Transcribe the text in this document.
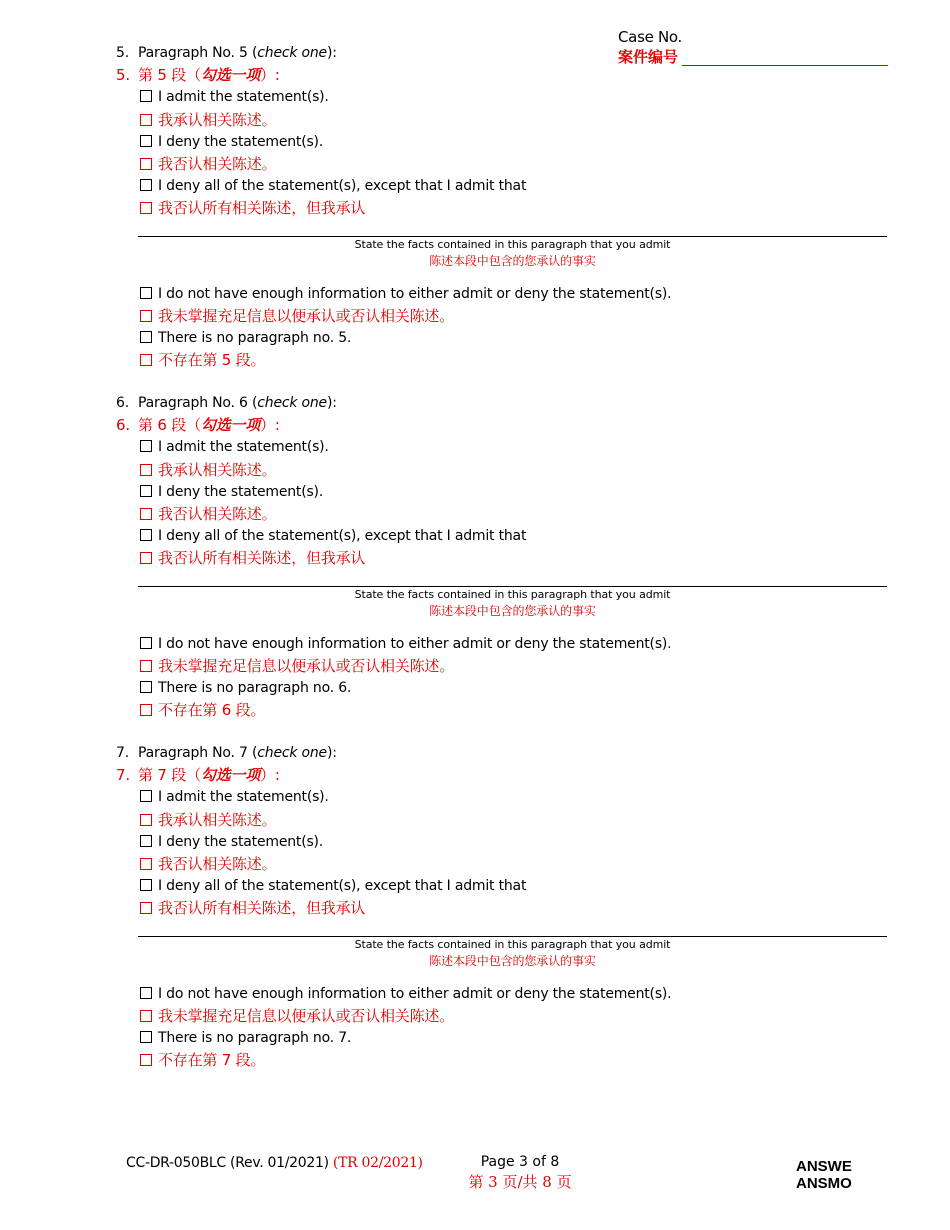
Case No.
案件编号
5. Paragraph No. 5 (check one):
5. 第 5 段（勾选一项）:
I admit the statement(s).
我承认相关陈述。
I deny the statement(s).
我否认相关陈述。
I deny all of the statement(s), except that I admit that
我否认所有相关陈述，但我承认
State the facts contained in this paragraph that you admit
陈述本段中包含的您承认的事实
I do not have enough information to either admit or deny the statement(s).
我未掌握充足信息以便承认或否认相关陈述。
There is no paragraph no. 5.
不存在第 5 段。
6. Paragraph No. 6 (check one):
6. 第 6 段（勾选一项）:
I admit the statement(s).
我承认相关陈述。
I deny the statement(s).
我否认相关陈述。
I deny all of the statement(s), except that I admit that
我否认所有相关陈述，但我承认
State the facts contained in this paragraph that you admit
陈述本段中包含的您承认的事实
I do not have enough information to either admit or deny the statement(s).
我未掌握充足信息以便承认或否认相关陈述。
There is no paragraph no. 6.
不存在第 6 段。
7. Paragraph No. 7 (check one):
7. 第 7 段（勾选一项）:
I admit the statement(s).
我承认相关陈述。
I deny the statement(s).
我否认相关陈述。
I deny all of the statement(s), except that I admit that
我否认所有相关陈述，但我承认
State the facts contained in this paragraph that you admit
陈述本段中包含的您承认的事实
I do not have enough information to either admit or deny the statement(s).
我未掌握充足信息以便承认或否认相关陈述。
There is no paragraph no. 7.
不存在第 7 段。
CC-DR-050BLC (Rev. 01/2021) (TR 02/2021)	Page 3 of 8
第 3 页/共 8 页
ANSWE
ANSMO
